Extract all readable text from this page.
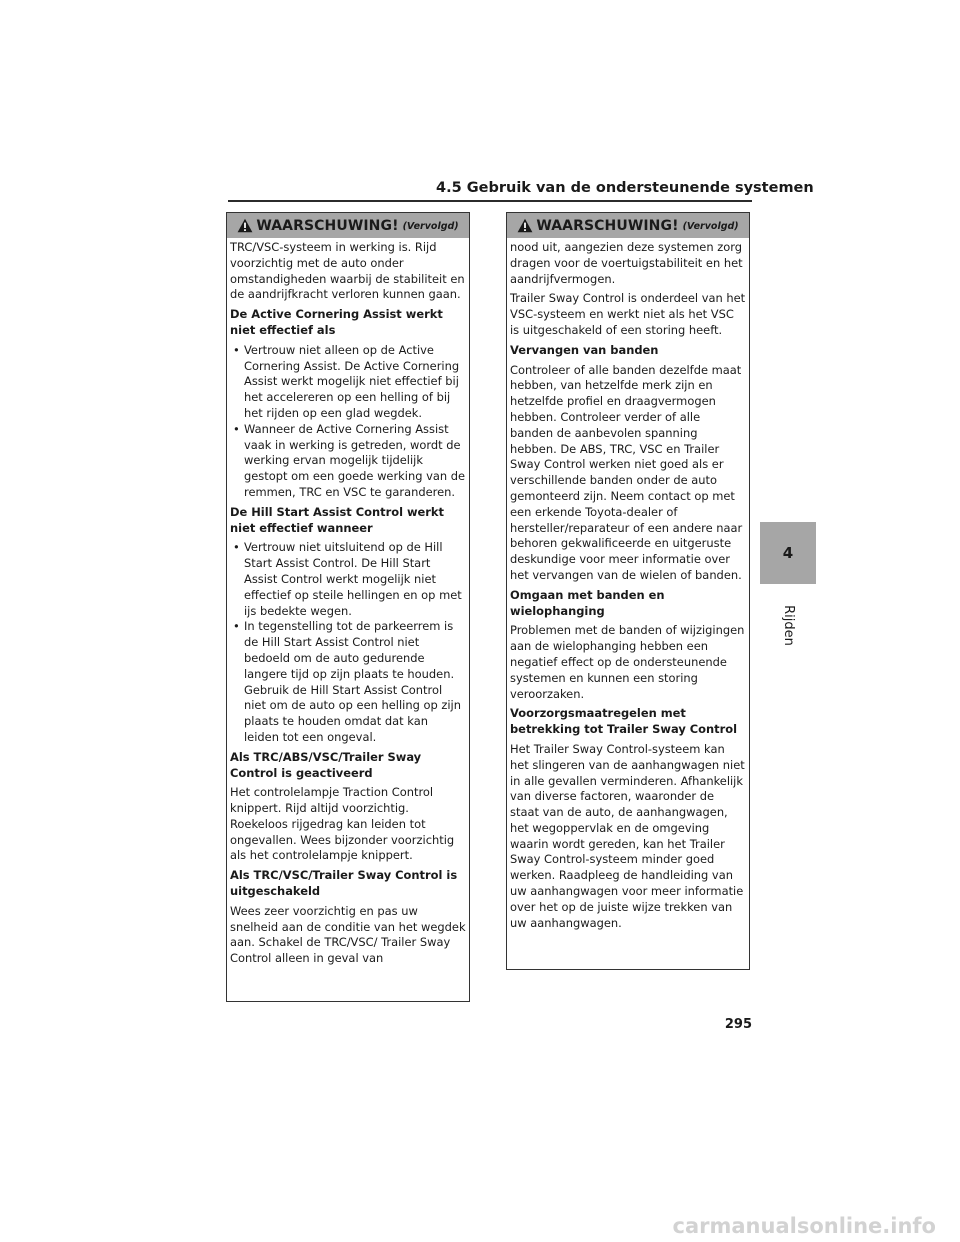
4.5 Gebruik van de ondersteunende systemen
WAARSCHUWING! (Vervolgd)

TRC/VSC-systeem in werking is. Rijd voorzichtig met de auto onder omstandigheden waarbij de stabiliteit en de aandrijfkracht verloren kunnen gaan.

De Active Cornering Assist werkt niet effectief als

• Vertrouw niet alleen op de Active Cornering Assist. De Active Cornering Assist werkt mogelijk niet effectief bij het accelereren op een helling of bij het rijden op een glad wegdek.
• Wanneer de Active Cornering Assist vaak in werking is getreden, wordt de werking ervan mogelijk tijdelijk gestopt om een goede werking van de remmen, TRC en VSC te garanderen.

De Hill Start Assist Control werkt niet effectief wanneer

• Vertrouw niet uitsluitend op de Hill Start Assist Control. De Hill Start Assist Control werkt mogelijk niet effectief op steile hellingen en op met ijs bedekte wegen.
• In tegenstelling tot de parkeerrem is de Hill Start Assist Control niet bedoeld om de auto gedurende langere tijd op zijn plaats te houden. Gebruik de Hill Start Assist Control niet om de auto op een helling op zijn plaats te houden omdat dat kan leiden tot een ongeval.

Als TRC/ABS/VSC/Trailer Sway Control is geactiveerd

Het controlelampje Traction Control knippert. Rijd altijd voorzichtig. Roekeloos rijgedrag kan leiden tot ongevallen. Wees bijzonder voorzichtig als het controlelampje knippert.

Als TRC/VSC/Trailer Sway Control is uitgeschakeld

Wees zeer voorzichtig en pas uw snelheid aan de conditie van het wegdek aan. Schakel de TRC/VSC/ Trailer Sway Control alleen in geval van

WAARSCHUWING! (Vervolgd)

nood uit, aangezien deze systemen zorg dragen voor de voertuigstabiliteit en het aandrijfvermogen.

Trailer Sway Control is onderdeel van het VSC-systeem en werkt niet als het VSC is uitgeschakeld of een storing heeft.

Vervangen van banden

Controleer of alle banden dezelfde maat hebben, van hetzelfde merk zijn en hetzelfde profiel en draagvermogen hebben. Controleer verder of alle banden de aanbevolen spanning hebben. De ABS, TRC, VSC en Trailer Sway Control werken niet goed als er verschillende banden onder de auto gemonteerd zijn. Neem contact op met een erkende Toyota-dealer of hersteller/reparateur of een andere naar behoren gekwalificeerde en uitgeruste deskundige voor meer informatie over het vervangen van de wielen of banden.

Omgaan met banden en wielophanging

Problemen met de banden of wijzigingen aan de wielophanging hebben een negatief effect op de ondersteunende systemen en kunnen een storing veroorzaken.

Voorzorgsmaatregelen met betrekking tot Trailer Sway Control

Het Trailer Sway Control-systeem kan het slingeren van de aanhangwagen niet in alle gevallen verminderen. Afhankelijk van diverse factoren, waaronder de staat van de auto, de aanhangwagen, het wegoppervlak en de omgeving waarin wordt gereden, kan het Trailer Sway Control-systeem minder goed werken. Raadpleeg de handleiding van uw aanhangwagen voor meer informatie over het op de juiste wijze trekken van uw aanhangwagen.

4
Rijden
295
carmanualsonline.info
